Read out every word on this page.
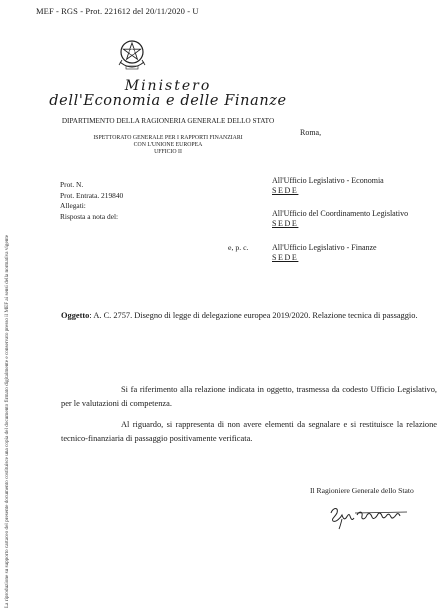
MEF - RGS - Prot. 221612 del 20/11/2020 - U
La riproduzione su supporto cartaceo del presente documento costituisce una copia del documento firmato digitalmente e conservato presso il MEF ai sensi della normativa vigente
Ministero
dell'Economia e delle Finanze
DIPARTIMENTO DELLA RAGIONERIA GENERALE DELLO STATO
ISPETTORATO GENERALE PER I RAPPORTI FINANZIARI
CON L'UNIONE EUROPEA
UFFICIO II
Roma,
Prot. N.
Prot. Entrata. 219840
Allegati:
Risposta a nota del:
All'Ufficio Legislativo - Economia
SEDE
All'Ufficio del Coordinamento Legislativo
SEDE
e, p. c.	All'Ufficio Legislativo - Finanze
SEDE
Oggetto: A. C. 2757. Disegno di legge di delegazione europea 2019/2020. Relazione tecnica di passaggio.
Si fa riferimento alla relazione indicata in oggetto, trasmessa da codesto Ufficio Legislativo, per le valutazioni di competenza.
Al riguardo, si rappresenta di non avere elementi da segnalare e si restituisce la relazione tecnico-finanziaria di passaggio positivamente verificata.
Il Ragioniere Generale dello Stato
